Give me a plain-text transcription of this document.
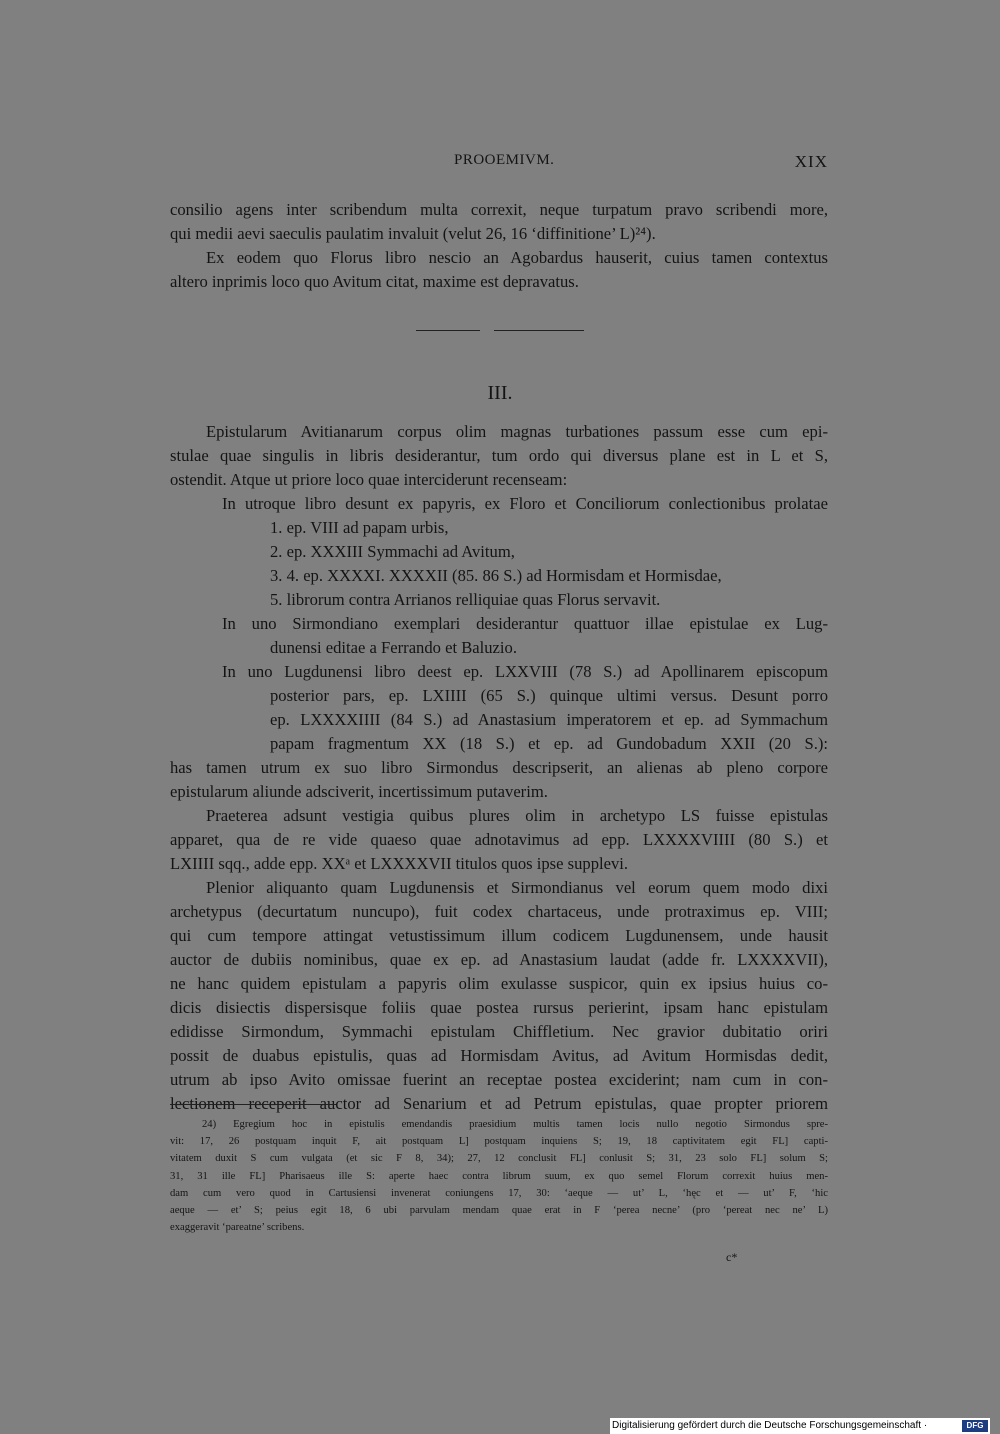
PROOEMIVM.	XIX
consilio agens inter scribendum multa correxit, neque turpatum pravo scribendi more,
qui medii aevi saeculis paulatim invaluit (velut 26, 16 ‘diffinitione’ L)²⁴).
Ex eodem quo Florus libro nescio an Agobardus hauserit, cuius tamen contextus
altero inprimis loco quo Avitum citat, maxime est depravatus.
III.
Epistularum Avitianarum corpus olim magnas turbationes passum esse cum epi-
stulae quae singulis in libris desiderantur, tum ordo qui diversus plane est in L et S,
ostendit. Atque ut priore loco quae interciderunt recenseam:
In utroque libro desunt ex papyris, ex Floro et Conciliorum conlectionibus prolatae
1. ep. VIII ad papam urbis,
2. ep. XXXIII Symmachi ad Avitum,
3. 4. ep. XXXXI. XXXXII (85. 86 S.) ad Hormisdam et Hormisdae,
5. librorum contra Arrianos relliquiae quas Florus servavit.
In uno Sirmondiano exemplari desiderantur quattuor illae epistulae ex Lug-
dunensi editae a Ferrando et Baluzio.
In uno Lugdunensi libro deest ep. LXXVIII (78 S.) ad Apollinarem episcopum
posterior pars, ep. LXIIII (65 S.) quinque ultimi versus. Desunt porro
ep. LXXXXIIII (84 S.) ad Anastasium imperatorem et ep. ad Symmachum
papam fragmentum XX (18 S.) et ep. ad Gundobadum XXII (20 S.):
has tamen utrum ex suo libro Sirmondus descripserit, an alienas ab pleno corpore
epistularum aliunde adsciverit, incertissimum putaverim.
Praeterea adsunt vestigia quibus plures olim in archetypo LS fuisse epistulas
apparet, qua de re vide quaeso quae adnotavimus ad epp. LXXXXVIIII (80 S.) et
LXIIII sqq., adde epp. XXᵃ et LXXXXVII titulos quos ipse supplevi.
Plenior aliquanto quam Lugdunensis et Sirmondianus vel eorum quem modo dixi
archetypus (decurtatum nuncupo), fuit codex chartaceus, unde protraximus ep. VIII;
qui cum tempore attingat vetustissimum illum codicem Lugdunensem, unde hausit
auctor de dubiis nominibus, quae ex ep. ad Anastasium laudat (adde fr. LXXXXVII),
ne hanc quidem epistulam a papyris olim exulasse suspicor, quin ex ipsius huius co-
dicis disiectis dispersisque foliis quae postea rursus perierint, ipsam hanc epistulam
edidisse Sirmondum, Symmachi epistulam Chiffletium. Nec gravior dubitatio oriri
possit de duabus epistulis, quas ad Hormisdam Avitus, ad Avitum Hormisdas dedit,
utrum ab ipso Avito omissae fuerint an receptae postea exciderint; nam cum in con-
lectionem receperit auctor ad Senarium et ad Petrum epistulas, quae propter priorem
24) Egregium hoc in epistulis emendandis praesidium multis tamen locis nullo negotio Sirmondus spre-
vit: 17, 26 postquam inquit F, ait postquam L] postquam inquiens S; 19, 18 captivitatem egit FL] capti-
vitatem duxit S cum vulgata (et sic F 8, 34); 27, 12 conclusit FL] conlusit S; 31, 23 solo FL] solum S;
31, 31 ille FL] Pharisaeus ille S: aperte haec contra librum suum, ex quo semel Florum correxit huius men-
dam cum vero quod in Cartusiensi invenerat coniungens 17, 30: ‘aeque — ut’ L, ‘hęc et — ut’ F, ‘hic
aeque — et’ S; peius egit 18, 6 ubi parvulam mendam quae erat in F ‘perea necne’ (pro ‘pereat nec ne’ L)
exaggeravit ‘pareatne’ scribens.
c*
Digitalisierung gefördert durch die Deutsche Forschungsgemeinschaft ·	DFG
